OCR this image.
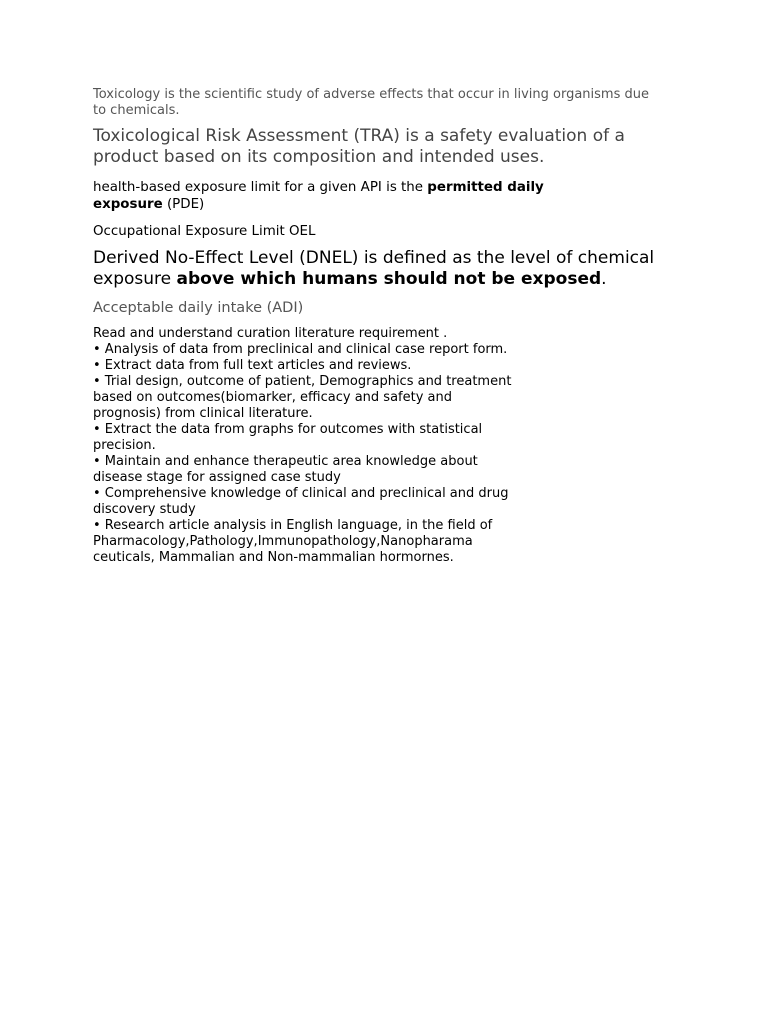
Toxicology is the scientific study of adverse effects that occur in living organisms due to chemicals.

Toxicological Risk Assessment (TRA) is a safety evaluation of a product based on its composition and intended uses.

health-based exposure limit for a given API is the permitted daily exposure (PDE)

Occupational Exposure Limit OEL

Derived No-Effect Level (DNEL) is defined as the level of chemical exposure above which humans should not be exposed.

Acceptable daily intake (ADI)

Read and understand curation literature requirement .
• Analysis of data from preclinical and clinical case report form.
• Extract data from full text articles and reviews.
• Trial design, outcome of patient, Demographics and treatment based on outcomes(biomarker, efficacy and safety and prognosis) from clinical literature.
• Extract the data from graphs for outcomes with statistical precision.
• Maintain and enhance therapeutic area knowledge about disease stage for assigned case study
• Comprehensive knowledge of clinical and preclinical and drug discovery study
• Research article analysis in English language, in the field of Pharmacology,Pathology,Immunopathology,Nanopharama ceuticals, Mammalian and Non-mammalian hormornes.
